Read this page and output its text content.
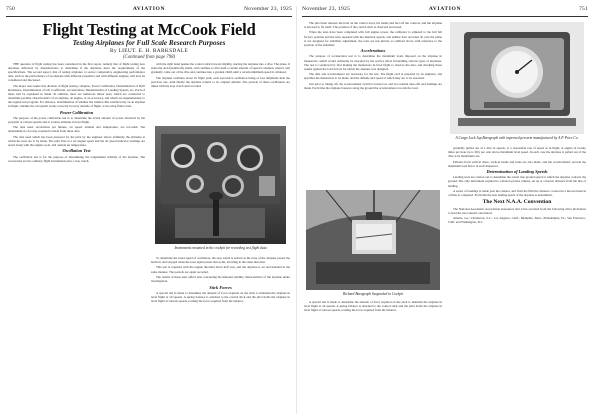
750	AVIATION	November 23, 1925
Flight Testing at McCook Field
Testing Airplanes for Full Scale Research Purposes
By LIEUT. E. H. BARKSDALE
(Continued from page 798)

THE question of flight testing has been considered in the first report, namely that of flight testing new airplanes delivered by manufacturers to determine if the airplanes meet the requirements of the specifications. The second aspect, that of testing airplanes to secure comparative engineering performance data, such as the performance of an airplane with different propellers and with different engines, will now be considered and discussed.

The major tests under this division of flight testing comprise, Power Calibration, Determination of Drift Resistance, Determination of Lift Coefficient, Accelerations, Determination of Landing Speeds, etc. Each of these will be explained in detail. In addition, there are numerous minor tests, which are conducted to determine peculiar characteristics of an airplane, an engine, or an accessory, and which are supplementary to the regular test program. For instance, determination of whether the radiator fills satisfactorily on an airplane in flight, whether the oil system works correctly in every attitude of flight, or the wing flutter tests.

Power Calibration

The purpose of the power calibration test is to determine the actual amount of power absorbed by the propeller at various speeds and at various altitudes in level flight.

The data used, revolutions per minute, air speed, altitude and temperature, are recorded. The determination of power required is made from these data.

The data used which has been prepared for the pilot by the engineer shows definitely the altitudes at which the tests are to be made. The pilot flies at a set engine speed and the air speed indicator readings are noted along with the engine r.p.m. and outside air temperature.

Oscillation Test

The oscillation test is for the purpose of determining the longitudinal stability of the airplane. The accessories are the ordinary flight instruments plus a stop watch.

with the right hand pushes the control stick forward slightly, starting the airplane into a dive. The plane, if statically and dynamically stable, will continue to dive until a certain amount of speed is attained, when it will gradually come out of the dive and continue into a gradual climb until a certain minimum speed is obtained.

The airplane oscillates about its flight path, each successive oscillation being of less amplitude than the previous one, until finally the airplane returns to its original attitude. The periods of these oscillations are timed with the stop watch and recorded.

Instruments mounted in the cockpit for recording test flight data

To determine the trend speed of oscillation, the stop watch is started as the nose of the airplane passes the horizon, and stopped when the nose again passes that point, traveling in the same direction.

This test is repeated with the engine throttled about half way, and the airplane is set and handled in the same manner. The periods are again recorded.

The results of these tests afford data concerning the inherent stability characteristics of the airplane under investigation.

Stick Forces

A special test is made to determine the amount of force required on the stick to maintain the airplane in level flight at all speeds. A spring balance is attached to the control stick and the pilot holds the airplane in level flight at various speeds, reading the force required from the balance.

November 23, 1925	AVIATION	751

The pilot then releases the hold on the control lever, his hands and feet off the controls, and the airplane is allowed to fly itself. The position of the control stick is observed and noted.

When the tests have been completed with full engine power, the calibrator is adjusted to the full fall factory position and the tests repeated with the identical speeds, and similar data recorded. In case the plane is not designed for stabilizer adjustment, the tests are run merely as outlined above with reference to the position of the stabilizer.

Accelerations

The purpose of acceleration test is to determine the maximum loads imposed on the airplane in maneuvers, which would ordinarily be executed by the service pilots in handling various types of airplanes. The test is conducted by first making the maneuvers in level flight to observe the data, and checking these results against the load factors for which the airplane was designed.

The data and accelerometer are necessary for the test. The flight card is prepared by an engineer, and specifies the maneuvers to be made, and the altitude and speed at which they are to be executed.

Just prior to taking off, the accelerometer switch is turned on, and two normal take-offs and landings are made. Each time the airplane bounces along the ground the accelerometer records the load.

Richard Barograph Suspended in Cockpit

A special test is made to determine the amount of force required on the stick to maintain the airplane in level flight at all speeds. A spring balance is attached to the control stick and the pilot holds the airplane in level flight at various speeds, reading the force required from the balance.

A Cargo Lock Jap Barograph with improved pen arm manufactured by A.P. Price Co.

gradually pulled out of a dive in speeds, at a reasonable rate of speed as in flight, at angles of twenty miles per hour up to fifty per cent above maximum level speed. In each case the airplane is pulled out of the dive at its maximum rate.

Pullouts from vertical dives, vertical banks and turns are also made, and the accelerometer records the maximum load factor in each maneuver.

Determination of Landing Speeds

Landing tests are carried out to determine the actual true ground speed at which the airplane contacts the ground. The only instrument required is a motion picture camera, set up at a known distance from the line of landing.

A series of landings is made past the camera, and from the film the distance covered in a known interval of time is computed. From this the true landing speed of the airplane is determined.

The Next N.A.A. Convention

The National Aeronautic Association announces that it has received from the following cities invitations to hold the next annual convention:

Atlanta, Ga.; Charleston, S.C.; Los Angeles, Calif.; Memphis, Tenn.; Philadelphia, Pa.; San Francisco, Calif. and Washington, D.C.
